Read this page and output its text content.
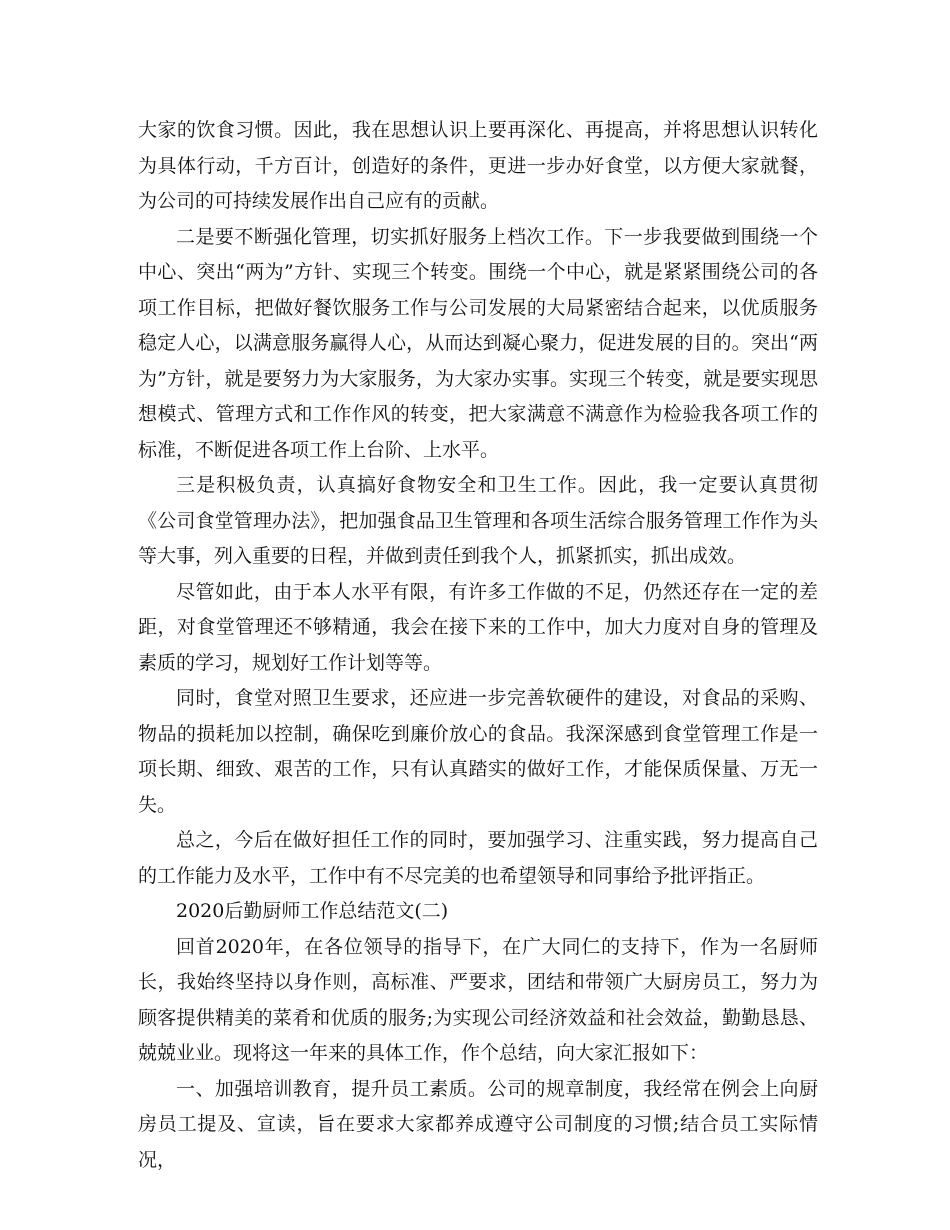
大家的饮食习惯。因此，我在思想认识上要再深化、再提高，并将思想认识转化为具体行动，千方百计，创造好的条件，更进一步办好食堂，以方便大家就餐，为公司的可持续发展作出自己应有的贡献。

二是要不断强化管理，切实抓好服务上档次工作。下一步我要做到围绕一个中心、突出“两为”方针、实现三个转变。围绕一个中心，就是紧紧围绕公司的各项工作目标，把做好餐饮服务工作与公司发展的大局紧密结合起来，以优质服务稳定人心，以满意服务赢得人心，从而达到凝心聚力，促进发展的目的。突出“两为”方针，就是要努力为大家服务，为大家办实事。实现三个转变，就是要实现思想模式、管理方式和工作作风的转变，把大家满意不满意作为检验我各项工作的标准，不断促进各项工作上台阶、上水平。

三是积极负责，认真搞好食物安全和卫生工作。因此，我一定要认真贯彻《公司食堂管理办法》，把加强食品卫生管理和各项生活综合服务管理工作作为头等大事，列入重要的日程，并做到责任到我个人，抓紧抓实，抓出成效。

尽管如此，由于本人水平有限，有许多工作做的不足，仍然还存在一定的差距，对食堂管理还不够精通，我会在接下来的工作中，加大力度对自身的管理及素质的学习，规划好工作计划等等。

同时，食堂对照卫生要求，还应进一步完善软硬件的建设，对食品的采购、物品的损耗加以控制，确保吃到廉价放心的食品。我深深感到食堂管理工作是一项长期、细致、艰苦的工作，只有认真踏实的做好工作，才能保质保量、万无一失。

总之，今后在做好担任工作的同时，要加强学习、注重实践，努力提高自己的工作能力及水平，工作中有不尽完美的也希望领导和同事给予批评指正。

2020后勤厨师工作总结范文(二)

回首2020年，在各位领导的指导下，在广大同仁的支持下，作为一名厨师长，我始终坚持以身作则，高标准、严要求，团结和带领广大厨房员工，努力为顾客提供精美的菜肴和优质的服务;为实现公司经济效益和社会效益，勤勤恳恳、兢兢业业。现将这一年来的具体工作，作个总结，向大家汇报如下：

一、加强培训教育，提升员工素质。公司的规章制度，我经常在例会上向厨房员工提及、宣读，旨在要求大家都养成遵守公司制度的习惯;结合员工实际情况，
